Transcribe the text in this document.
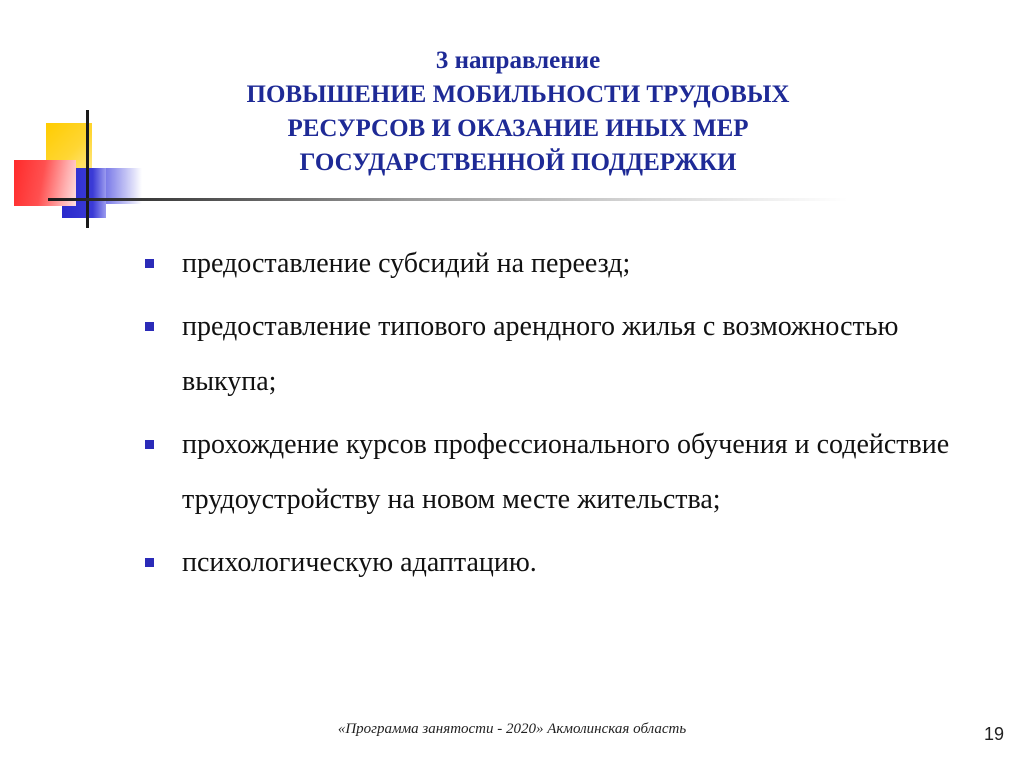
3 направление
ПОВЫШЕНИЕ МОБИЛЬНОСТИ ТРУДОВЫХ
РЕСУРСОВ И ОКАЗАНИЕ ИНЫХ МЕР
ГОСУДАРСТВЕННОЙ ПОДДЕРЖКИ
предоставление субсидий на переезд;
предоставление типового арендного жилья с возможностью выкупа;
прохождение курсов профессионального обучения и содействие трудоустройству на новом месте жительства;
психологическую адаптацию.
«Программа занятости - 2020» Акмолинская область	19
